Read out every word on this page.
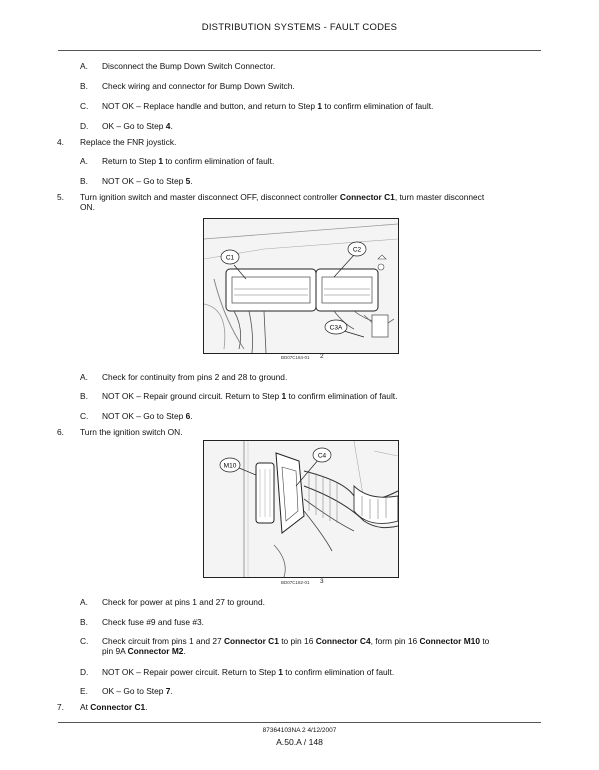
DISTRIBUTION SYSTEMS - FAULT CODES
A. Disconnect the Bump Down Switch Connector.
B. Check wiring and connector for Bump Down Switch.
C. NOT OK – Replace handle and button, and return to Step 1 to confirm elimination of fault.
D. OK – Go to Step 4.
4. Replace the FNR joystick.
A. Return to Step 1 to confirm elimination of fault.
B. NOT OK – Go to Step 5.
5. Turn ignition switch and master disconnect OFF, disconnect controller Connector C1, turn master disconnect
ON.
C1
C2
C3A
BD07C184-01 2
A. Check for continuity from pins 2 and 28 to ground.
B. NOT OK – Repair ground circuit. Return to Step 1 to confirm elimination of fault.
C. NOT OK – Go to Step 6.
6. Turn the ignition switch ON.
M10
C4
BD07C182-01 3
A. Check for power at pins 1 and 27 to ground.
B. Check fuse #9 and fuse #3.
C. Check circuit from pins 1 and 27 Connector C1 to pin 16 Connector C4, form pin 16 Connector M10 to
pin 9A Connector M2.
D. NOT OK – Repair power circuit. Return to Step 1 to confirm elimination of fault.
E. OK – Go to Step 7.
7. At Connector C1.
87364103NA 2 4/12/2007
A.50.A / 148
